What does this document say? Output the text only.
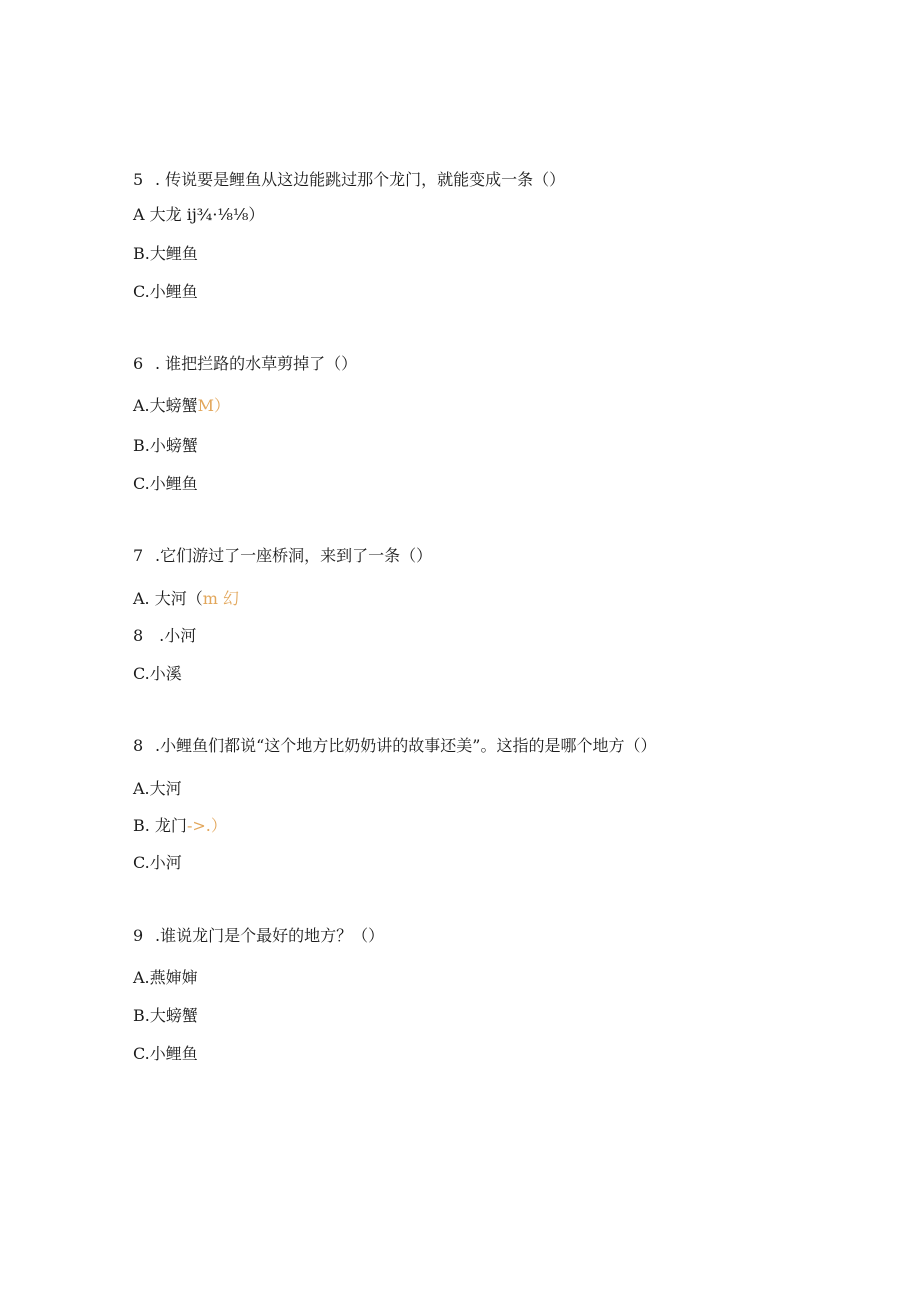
5 . 传说要是鲤鱼从这边能跳过那个龙门，就能变成一条（）

A 大龙 ij¾·⅛⅛）

B.大鲤鱼

C.小鲤鱼

6 . 谁把拦路的水草剪掉了（）

A.大螃蟹M）

B.小螃蟹

C.小鲤鱼

7 .它们游过了一座桥洞，来到了一条（）

A. 大河（m 幻

8　.小河

C.小溪

8 .小鲤鱼们都说“这个地方比奶奶讲的故事还美”。这指的是哪个地方（）

A.大河

B. 龙门->.）

C.小河

9 .谁说龙门是个最好的地方？（）

A.燕婶婶

B.大螃蟹

C.小鲤鱼
